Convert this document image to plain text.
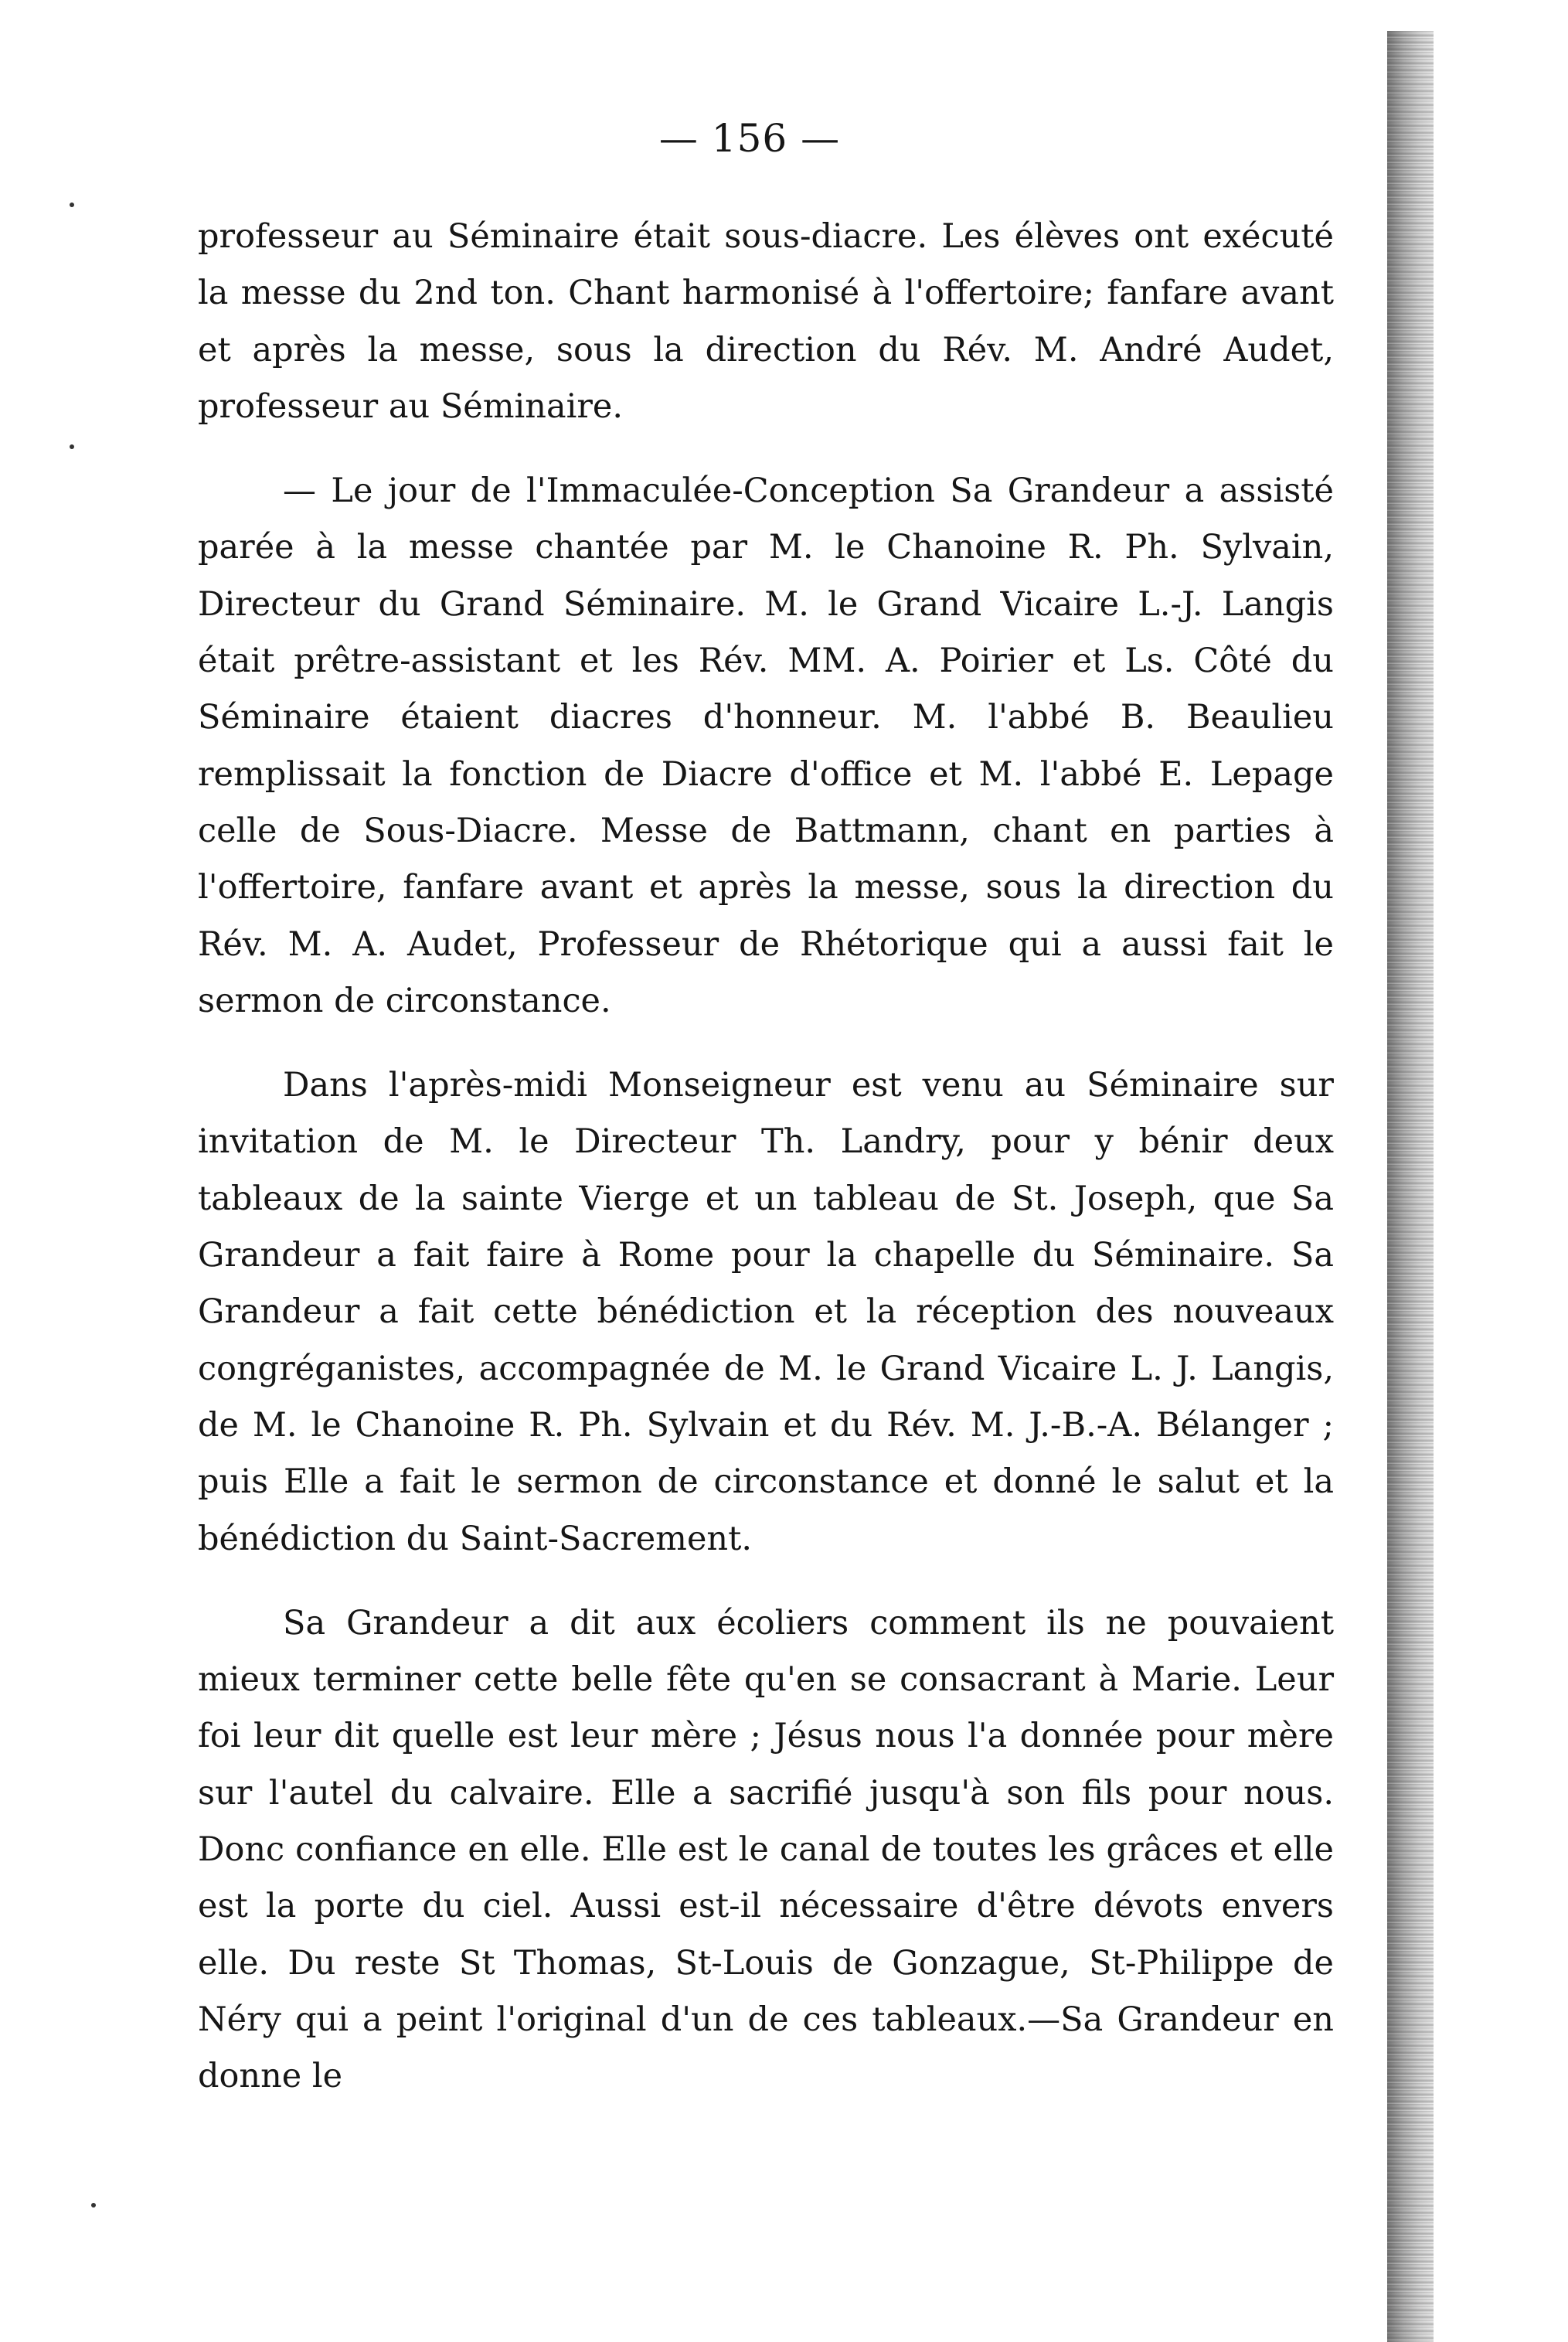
— 156 —

professeur au Séminaire était sous-diacre. Les élèves ont exécuté la messe du 2nd ton. Chant harmonisé à l'offertoire; fanfare avant et après la messe, sous la direction du Rév. M. André Audet, professeur au Séminaire.

— Le jour de l'Immaculée-Conception Sa Grandeur a assisté parée à la messe chantée par M. le Chanoine R. Ph. Sylvain, Directeur du Grand Séminaire. M. le Grand Vicaire L.-J. Langis était prêtre-assistant et les Rév. MM. A. Poirier et Ls. Côté du Séminaire étaient diacres d'honneur. M. l'abbé B. Beaulieu remplissait la fonction de Diacre d'office et M. l'abbé E. Lepage celle de Sous-Diacre. Messe de Battmann, chant en parties à l'offertoire, fanfare avant et après la messe, sous la direction du Rév. M. A. Audet, Professeur de Rhétorique qui a aussi fait le sermon de circonstance.

Dans l'après-midi Monseigneur est venu au Séminaire sur invitation de M. le Directeur Th. Landry, pour y bénir deux tableaux de la sainte Vierge et un tableau de St. Joseph, que Sa Grandeur a fait faire à Rome pour la chapelle du Séminaire. Sa Grandeur a fait cette bénédiction et la réception des nouveaux congréganistes, accompagnée de M. le Grand Vicaire L. J. Langis, de M. le Chanoine R. Ph. Sylvain et du Rév. M. J.-B.-A. Bélanger ; puis Elle a fait le sermon de circonstance et donné le salut et la bénédiction du Saint-Sacrement.

Sa Grandeur a dit aux écoliers comment ils ne pouvaient mieux terminer cette belle fête qu'en se consacrant à Marie. Leur foi leur dit quelle est leur mère ; Jésus nous l'a donnée pour mère sur l'autel du calvaire. Elle a sacrifié jusqu'à son fils pour nous. Donc confiance en elle. Elle est le canal de toutes les grâces et elle est la porte du ciel. Aussi est-il nécessaire d'être dévots envers elle. Du reste St Thomas, St-Louis de Gonzague, St-Philippe de Néry qui a peint l'original d'un de ces tableaux.—Sa Grandeur en donne le
